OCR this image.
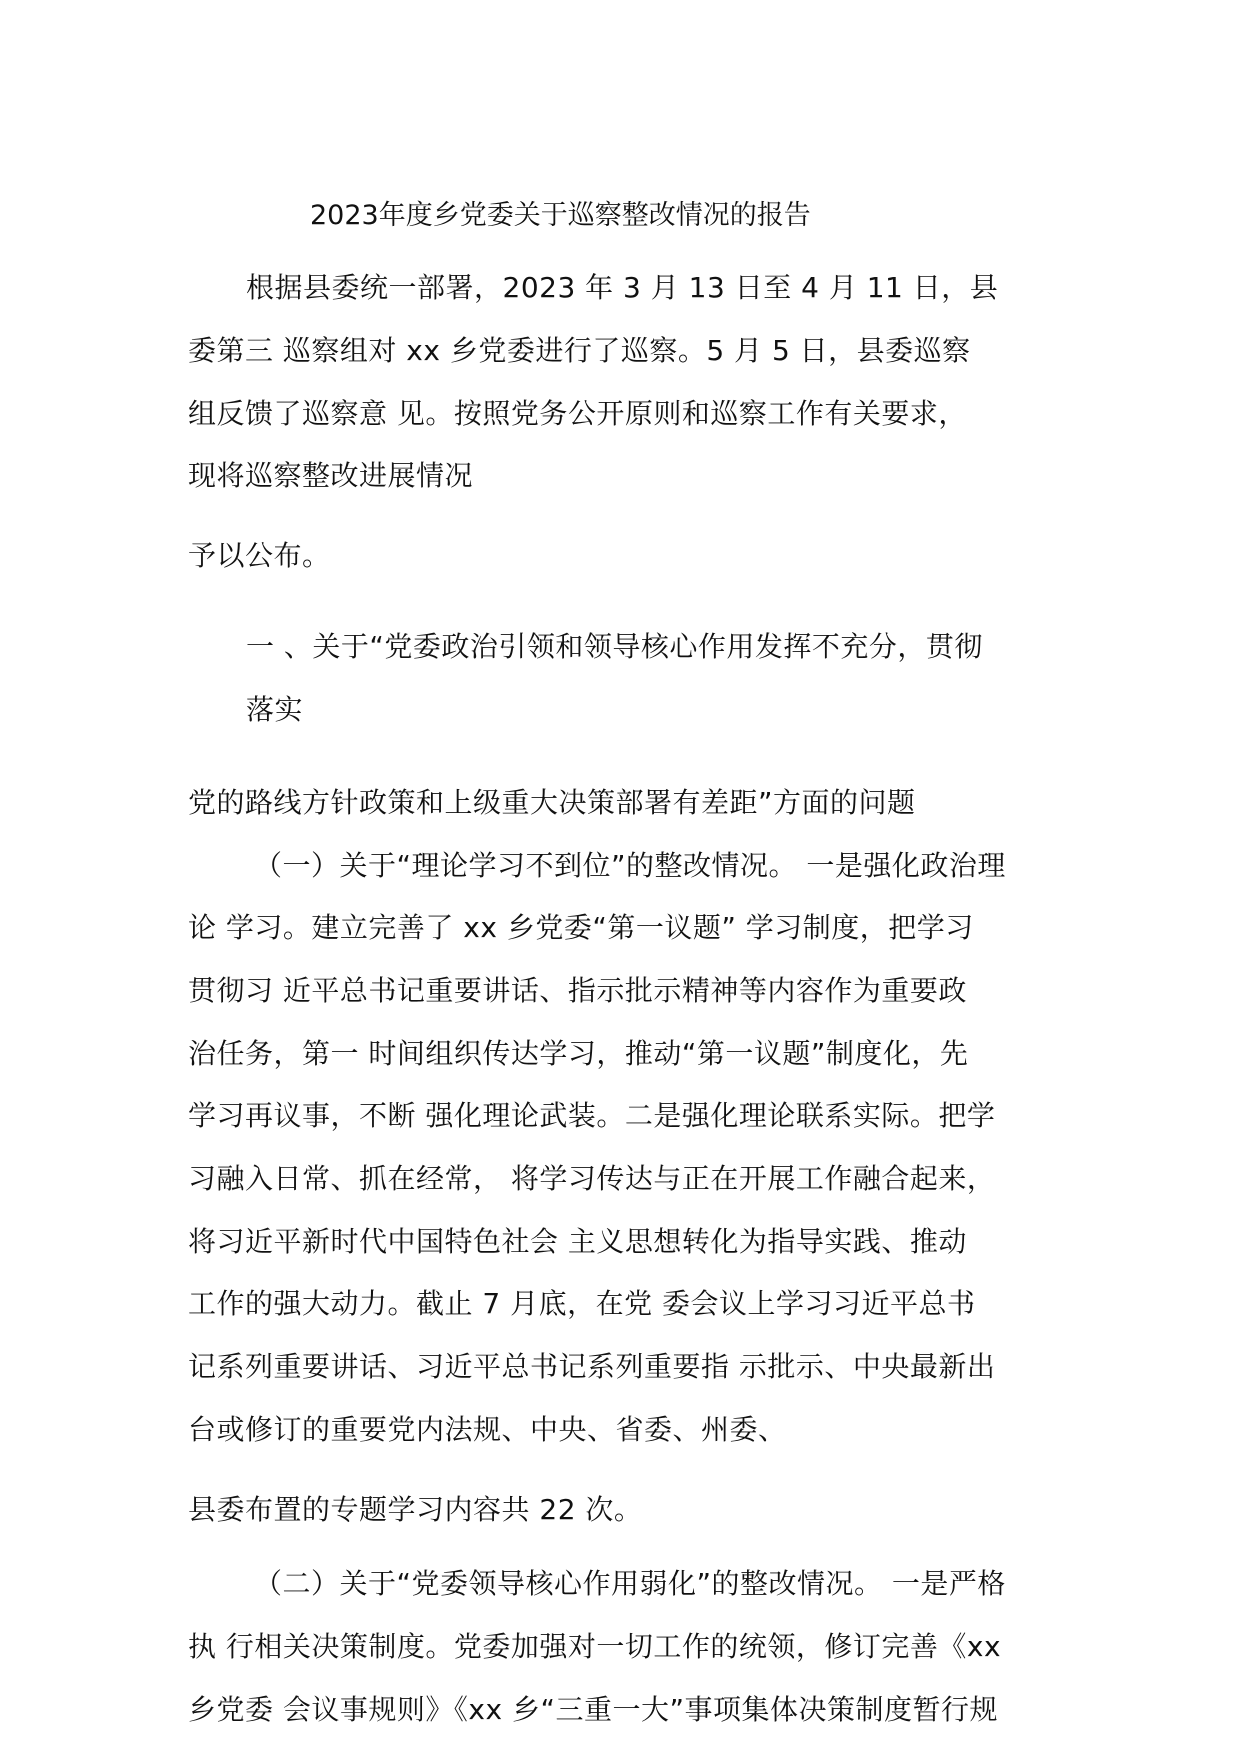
2023年度乡党委关于巡察整改情况的报告
根据县委统一部署，2023 年 3 月 13 日至 4 月 11 日，县
委第三 巡察组对 xx 乡党委进行了巡察。5 月 5 日，县委巡察
组反馈了巡察意 见。按照党务公开原则和巡察工作有关要求，
现将巡察整改进展情况
予以公布。
一 、关于“党委政治引领和领导核心作用发挥不充分，贯彻
落实
党的路线方针政策和上级重大决策部署有差距”方面的问题
（一）关于“理论学习不到位”的整改情况。 一是强化政治理
论 学习。建立完善了 xx 乡党委“第一议题” 学习制度，把学习
贯彻习 近平总书记重要讲话、指示批示精神等内容作为重要政
治任务，第一 时间组织传达学习，推动“第一议题”制度化，先
学习再议事，不断 强化理论武装。二是强化理论联系实际。把学
习融入日常、抓在经常， 将学习传达与正在开展工作融合起来，
将习近平新时代中国特色社会 主义思想转化为指导实践、推动
工作的强大动力。截止 7 月底，在党 委会议上学习习近平总书
记系列重要讲话、习近平总书记系列重要指 示批示、中央最新出
台或修订的重要党内法规、中央、省委、州委、
县委布置的专题学习内容共 22 次。
（二）关于“党委领导核心作用弱化”的整改情况。 一是严格
执 行相关决策制度。党委加强对一切工作的统领，修订完善《xx
乡党委 会议事规则》《xx 乡“三重一大”事项集体决策制度暂行规
